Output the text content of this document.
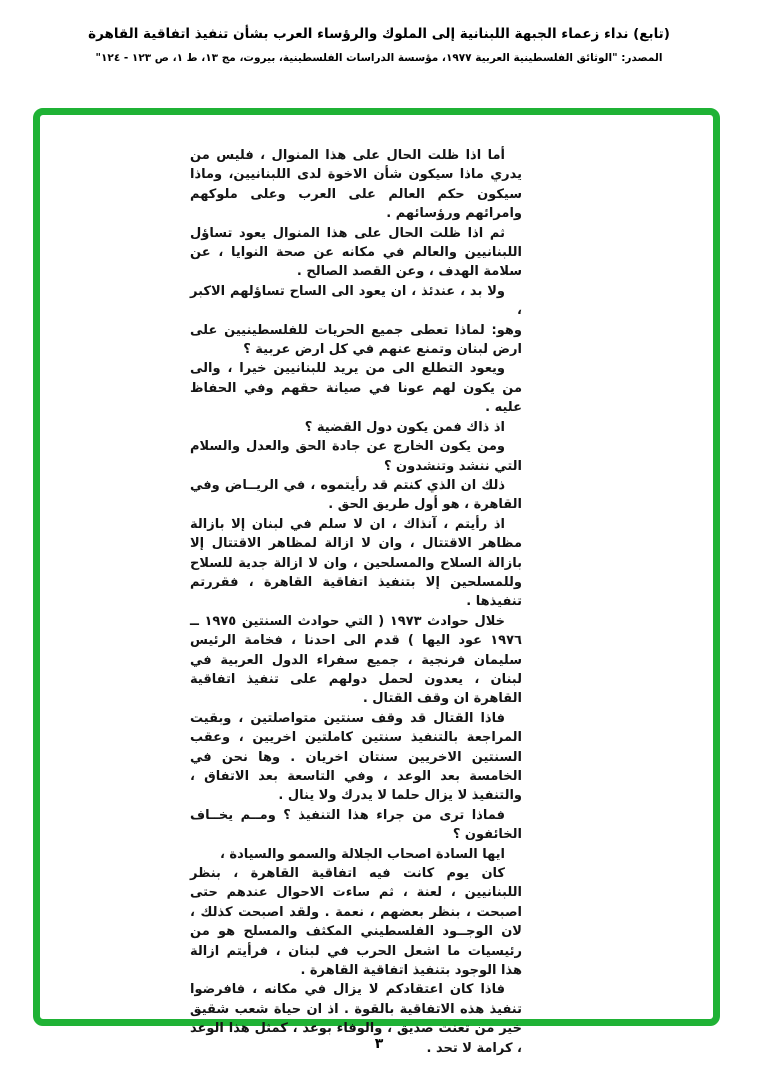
(تابع) نداء زعماء الجبهة اللبنانية إلى الملوك والرؤساء العرب بشأن تنفيذ اتفاقية القاهرة
المصدر: "الوثائق الفلسطينية العربية ١٩٧٧، مؤسسة الدراسات الفلسطينية، بيروت، مج ١٣، ط ١، ص ١٢٣ - ١٢٤"

أما اذا ظلت الحال على هذا المنوال ، فليس من يدري ماذا سيكون شأن الاخوة لدى اللبنانيين، وماذا سيكون حكم العالم على العرب وعلى ملوكهم وامرائهم ورؤسائهم .

ثم اذا ظلت الحال على هذا المنوال يعود تساؤل اللبنانيين والعالم في مكانه عن صحة النوايا ، عن سلامة الهدف ، وعن القصد الصالح .

ولا بد ، عندئذ ، ان يعود الى الساح تساؤلهم الاكبر ،

وهو: لماذا تعطى جميع الحريات للفلسطينيين على ارض لبنان وتمنع عنهم في كل ارض عربية ؟

ويعود التطلع الى من يريد للبنانيين خيرا ، والى من يكون لهم عونا في صيانة حقهم وفي الحفاظ عليه .

اذ ذاك فمن يكون دول القضية ؟

ومن يكون الخارج عن جادة الحق والعدل والسلام التي ننشد وتنشدون ؟

ذلك ان الذي كنتم قد رأيتموه ، في الريــاض وفي القاهرة ، هو أول طريق الحق .

اذ رأيتم ، آنذاك ، ان لا سلم في لبنان إلا بازالة مظاهر الاقتتال ، وان لا ازالة لمظاهر الاقتتال إلا بازالة السلاح والمسلحين ، وان لا ازالة جدية للسلاح وللمسلحين إلا بتنفيذ اتفاقية القاهرة ، فقررتم تنفيذها .

خلال حوادث ١٩٧٣ ( التي حوادث السنتين ١٩٧٥ ــ ١٩٧٦ عود اليها ) قدم الى احدنا ، فخامة الرئيس سليمان فرنجية ، جميع سفراء الدول العربية في لبنان ، يعدون لحمل دولهم على تنفيذ اتفاقية القاهرة ان وقف القتال .

فاذا القتال قد وقف سنتين متواصلتين ، وبقيت المراجعة بالتنفيذ سنتين كاملتين اخريين ، وعقب السنتين الاخريين سنتان اخريان . وها نحن في الخامسة بعد الوعد ، وفي التاسعة بعد الاتفاق ، والتنفيذ لا يزال حلما لا يدرك ولا ينال .

فماذا ترى من جراء هذا التنفيذ ؟ ومــم يخــاف الخائفون ؟

ايها السادة اصحاب الجلالة والسمو والسيادة ،

كان يوم كانت فيه اتفاقية القاهرة ، بنظر اللبنانيين ، لعنة ، ثم ساءت الاحوال عندهم حتى اصبحت ، بنظر بعضهم ، نعمة . ولقد اصبحت كذلك ، لان الوجــود الفلسطيني المكثف والمسلح هو من رئيسيات ما اشعل الحرب في لبنان ، فرأيتم ازالة هذا الوجود بتنفيذ اتفاقية القاهرة .

فاذا كان اعتقادكم لا يزال في مكانه ، فافرضوا تنفيذ هذه الاتفاقية بالقوة . اذ ان حياة شعب شقيق خير من تعنت صديق ، والوفاء بوعد ، كمثل هذا الوعد ، كرامة لا تحد .

٣
